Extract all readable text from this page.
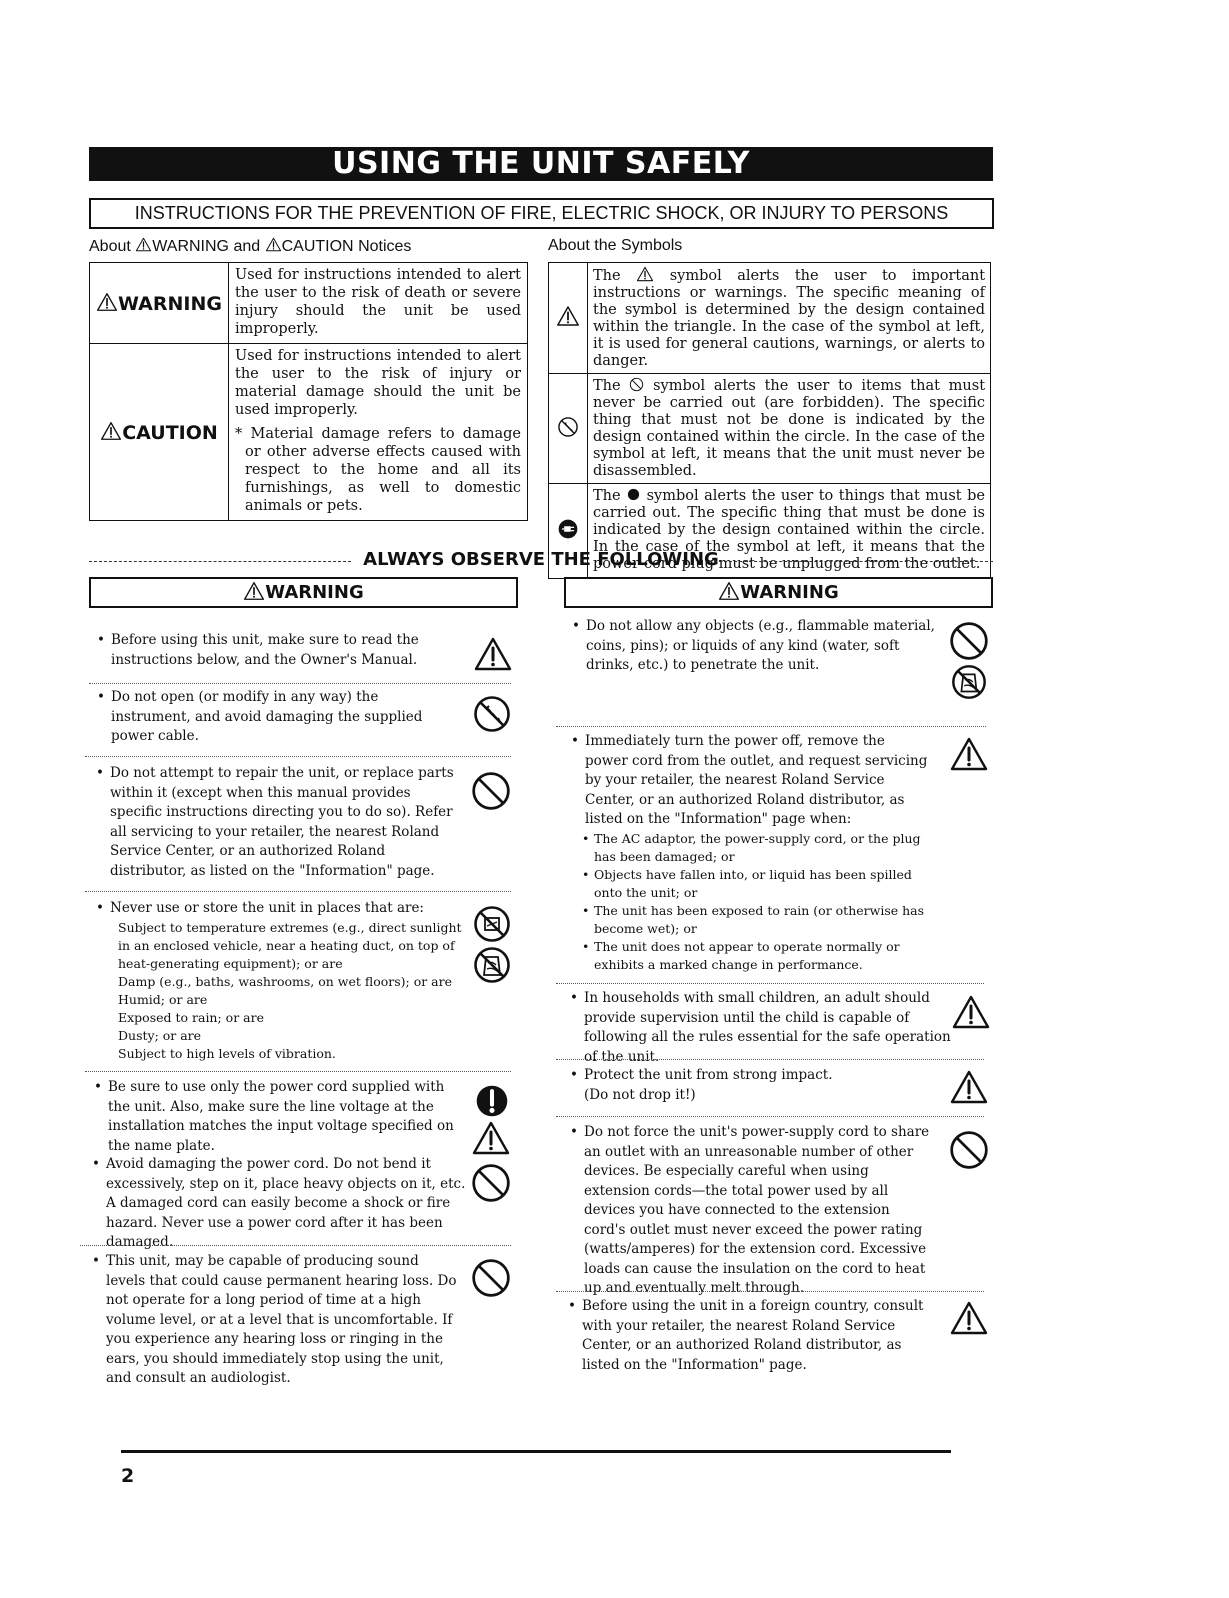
USING THE UNIT SAFELY
INSTRUCTIONS FOR THE PREVENTION OF FIRE, ELECTRIC SHOCK, OR INJURY TO PERSONS
About WARNING and CAUTION Notices
WARNING	Used for instructions intended to alert the user to the risk of death or severe injury should the unit be used improperly.
CAUTION	Used for instructions intended to alert the user to the risk of injury or material damage should the unit be used improperly.
* Material damage refers to damage or other adverse effects caused with respect to the home and all its furnishings, as well to domestic animals or pets.
About the Symbols
	The symbol alerts the user to important instructions or warnings. The specific meaning of the symbol is determined by the design contained within the triangle. In the case of the symbol at left, it is used for general cautions, warnings, or alerts to danger.
	The symbol alerts the user to items that must never be carried out (are forbidden). The specific thing that must not be done is indicated by the design contained within the circle. In the case of the symbol at left, it means that the unit must never be disassembled.
	The symbol alerts the user to things that must be carried out. The specific thing that must be done is indicated by the design contained within the circle. In the case of the symbol at left, it means that the power-cord plug must be unplugged from the outlet.
ALWAYS OBSERVE THE FOLLOWING
WARNING
• Before using this unit, make sure to read the instructions below, and the Owner's Manual.
• Do not open (or modify in any way) the instrument, and avoid damaging the supplied power cable.
• Do not attempt to repair the unit, or replace parts within it (except when this manual provides specific instructions directing you to do so). Refer all servicing to your retailer, the nearest Roland Service Center, or an authorized Roland distributor, as listed on the "Information" page.
• Never use or store the unit in places that are:
Subject to temperature extremes (e.g., direct sunlight in an enclosed vehicle, near a heating duct, on top of heat-generating equipment); or are
Damp (e.g., baths, washrooms, on wet floors); or are
Humid; or are
Exposed to rain; or are
Dusty; or are
Subject to high levels of vibration.
• Be sure to use only the power cord supplied with the unit. Also, make sure the line voltage at the installation matches the input voltage specified on the name plate.
• Avoid damaging the power cord. Do not bend it excessively, step on it, place heavy objects on it, etc. A damaged cord can easily become a shock or fire hazard. Never use a power cord after it has been damaged.
• This unit, may be capable of producing sound levels that could cause permanent hearing loss. Do not operate for a long period of time at a high volume level, or at a level that is uncomfortable. If you experience any hearing loss or ringing in the ears, you should immediately stop using the unit, and consult an audiologist.
WARNING
• Do not allow any objects (e.g., flammable material, coins, pins); or liquids of any kind (water, soft drinks, etc.) to penetrate the unit.
• Immediately turn the power off, remove the power cord from the outlet, and request servicing by your retailer, the nearest Roland Service Center, or an authorized Roland distributor, as listed on the "Information" page when:
• The AC adaptor, the power-supply cord, or the plug has been damaged; or
• Objects have fallen into, or liquid has been spilled onto the unit; or
• The unit has been exposed to rain (or otherwise has become wet); or
• The unit does not appear to operate normally or exhibits a marked change in performance.
• In households with small children, an adult should provide supervision until the child is capable of following all the rules essential for the safe operation of the unit.
• Protect the unit from strong impact. (Do not drop it!)
• Do not force the unit's power-supply cord to share an outlet with an unreasonable number of other devices. Be especially careful when using extension cords—the total power used by all devices you have connected to the extension cord's outlet must never exceed the power rating (watts/amperes) for the extension cord. Excessive loads can cause the insulation on the cord to heat up and eventually melt through.
• Before using the unit in a foreign country, consult with your retailer, the nearest Roland Service Center, or an authorized Roland distributor, as listed on the "Information" page.
2
